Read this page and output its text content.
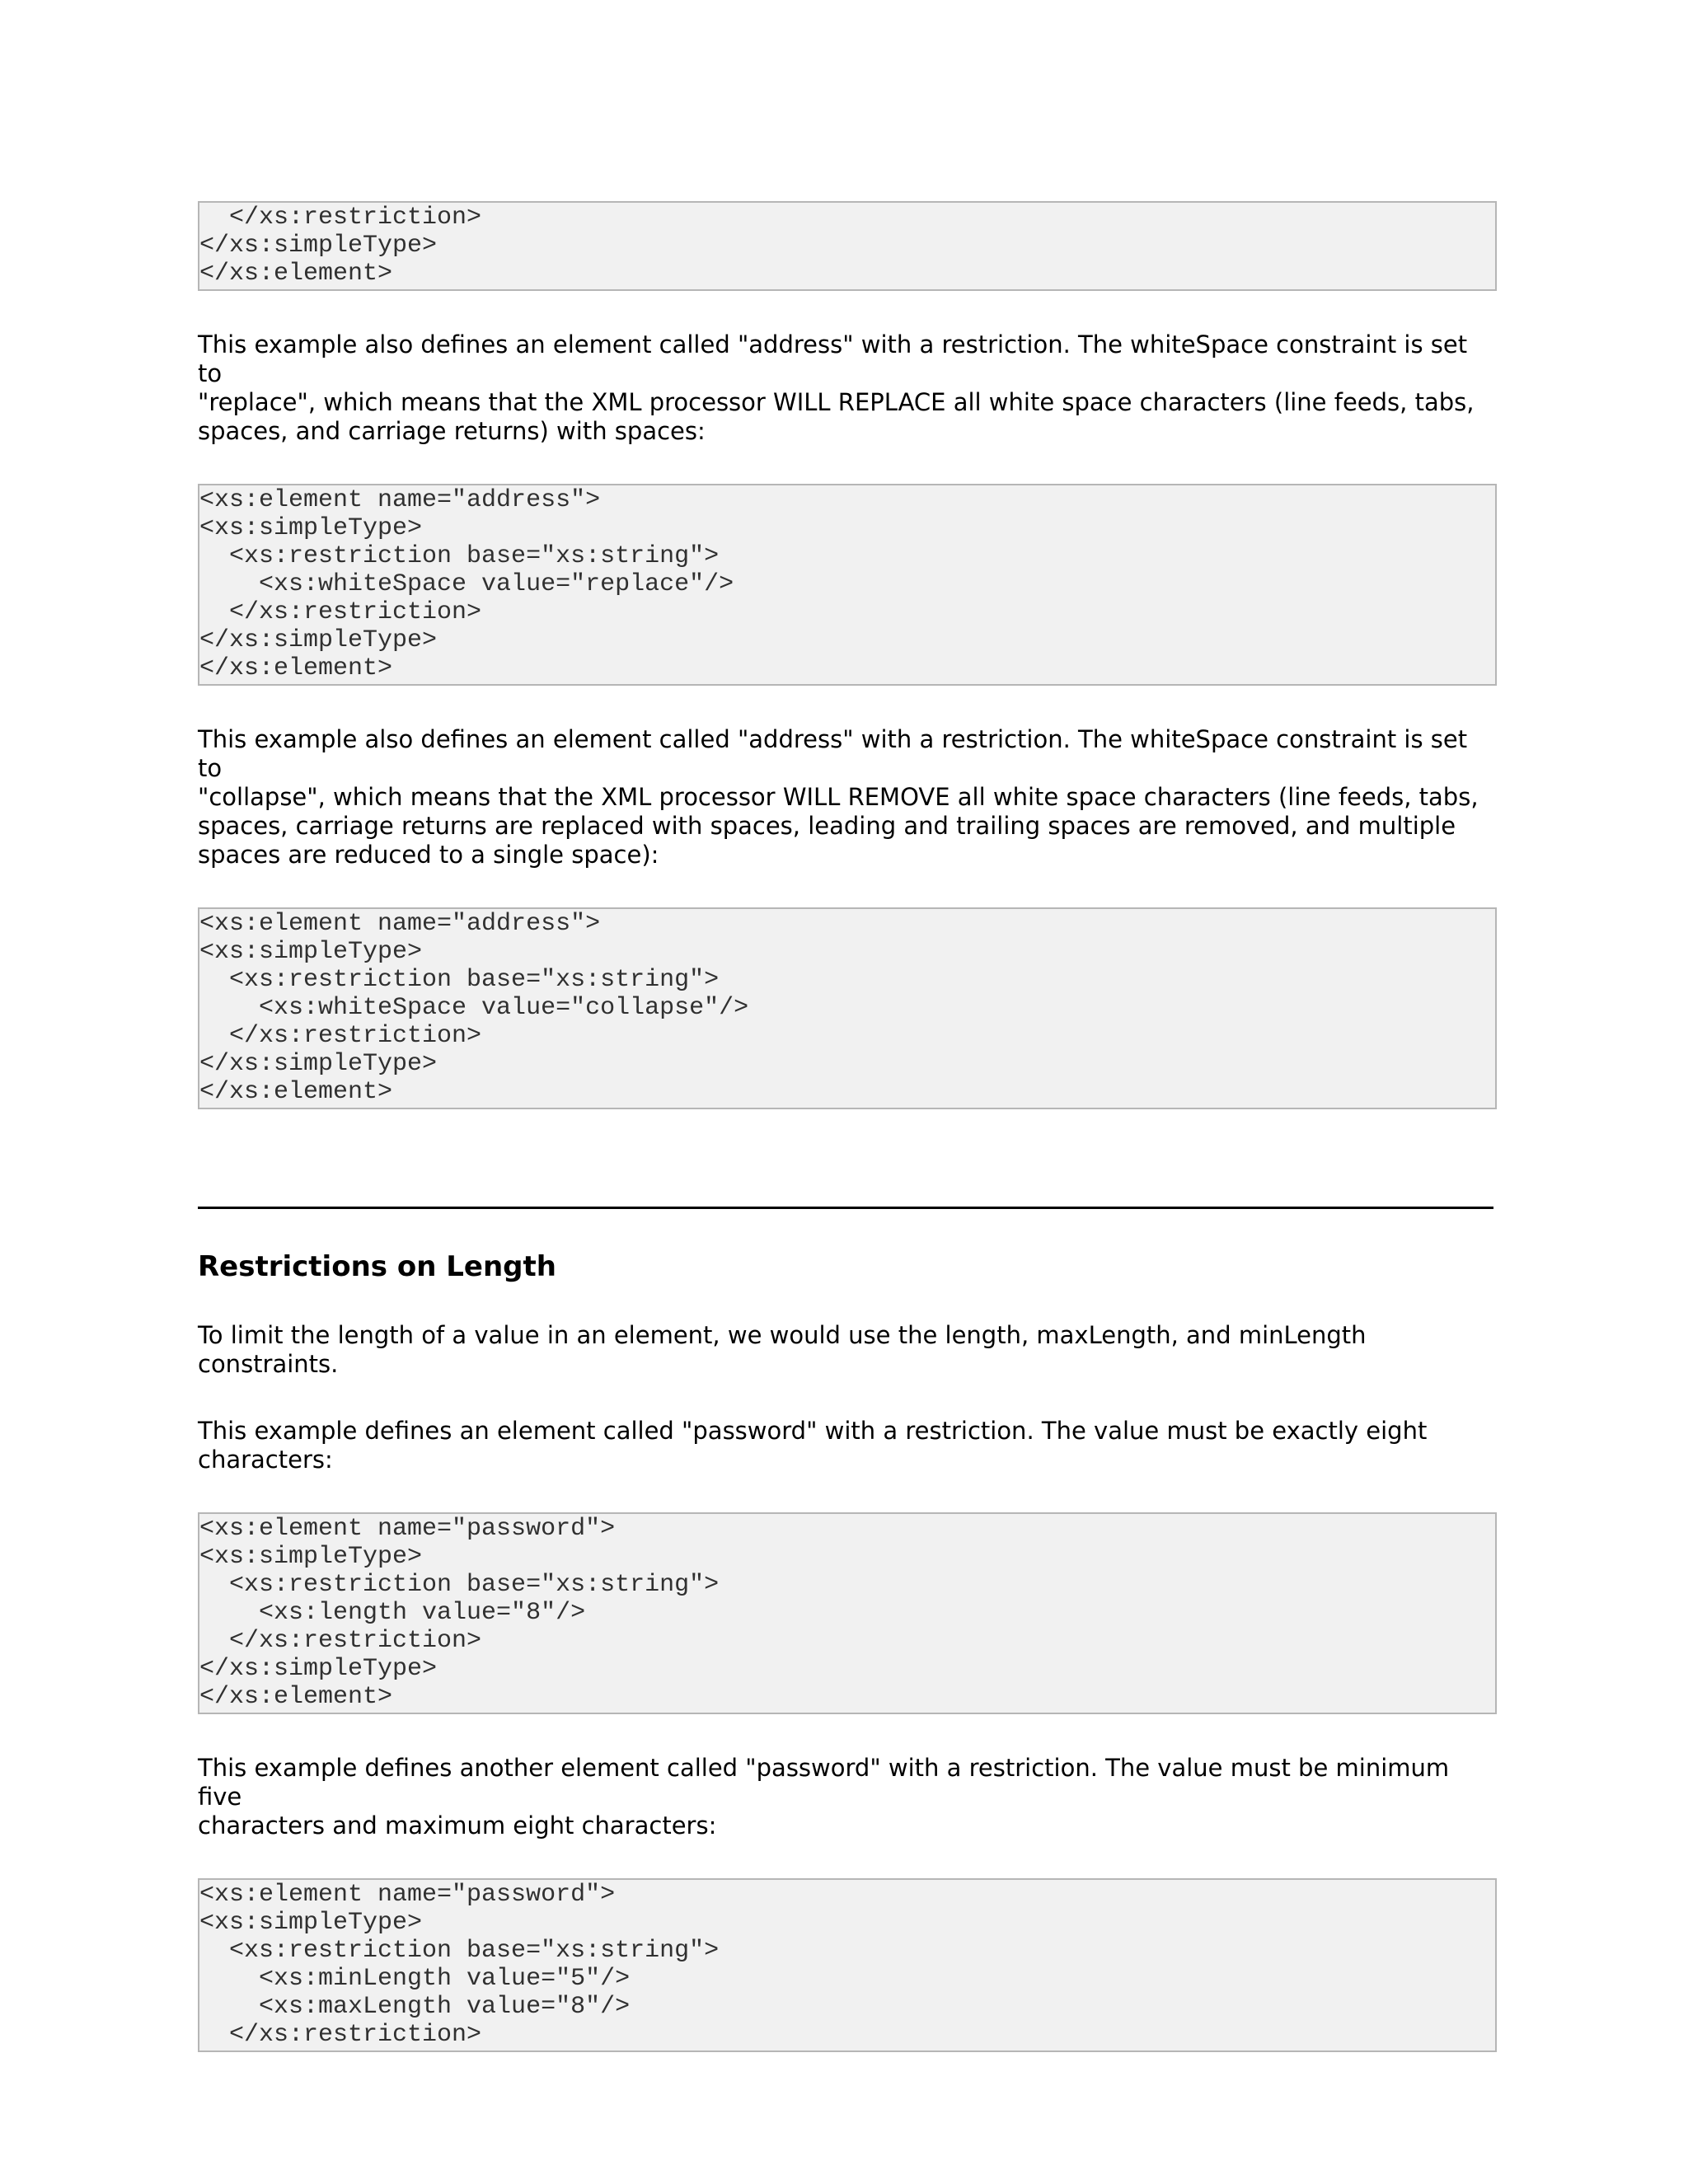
</xs:restriction>
</xs:simpleType>
</xs:element>
This example also defines an element called "address" with a restriction. The whiteSpace constraint is set to
"replace", which means that the XML processor WILL REPLACE all white space characters (line feeds, tabs,
spaces, and carriage returns) with spaces:
<xs:element name="address">
<xs:simpleType>
<xs:restriction base="xs:string">
<xs:whiteSpace value="replace"/>
</xs:restriction>
</xs:simpleType>
</xs:element>
This example also defines an element called "address" with a restriction. The whiteSpace constraint is set to
"collapse", which means that the XML processor WILL REMOVE all white space characters (line feeds, tabs,
spaces, carriage returns are replaced with spaces, leading and trailing spaces are removed, and multiple
spaces are reduced to a single space):
<xs:element name="address">
<xs:simpleType>
<xs:restriction base="xs:string">
<xs:whiteSpace value="collapse"/>
</xs:restriction>
</xs:simpleType>
</xs:element>
Restrictions on Length
To limit the length of a value in an element, we would use the length, maxLength, and minLength
constraints.
This example defines an element called "password" with a restriction. The value must be exactly eight
characters:
<xs:element name="password">
<xs:simpleType>
<xs:restriction base="xs:string">
<xs:length value="8"/>
</xs:restriction>
</xs:simpleType>
</xs:element>
This example defines another element called "password" with a restriction. The value must be minimum five
characters and maximum eight characters:
<xs:element name="password">
<xs:simpleType>
<xs:restriction base="xs:string">
<xs:minLength value="5"/>
<xs:maxLength value="8"/>
</xs:restriction>
